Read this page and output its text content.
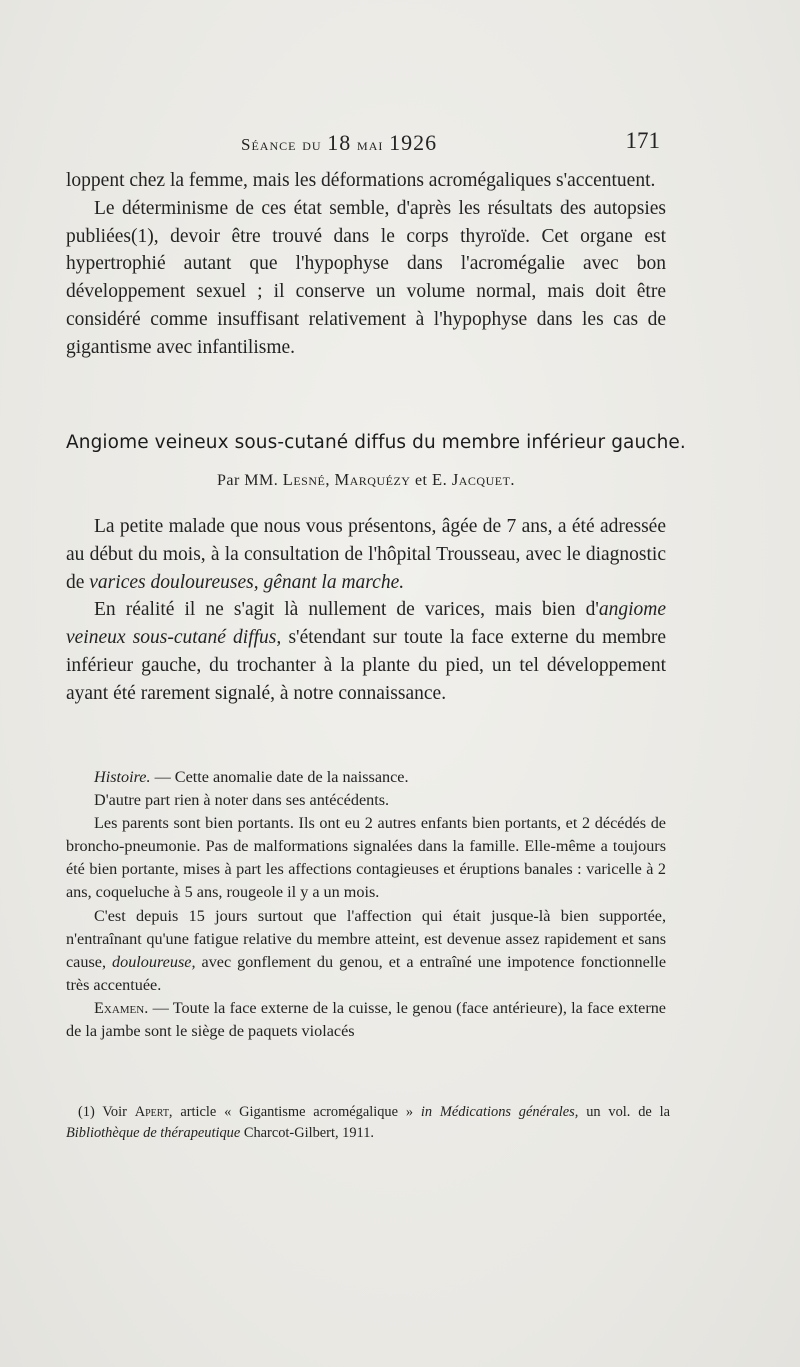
Séance du 18 mai 1926	171

loppent chez la femme, mais les déformations acromégaliques s'accentuent.

Le déterminisme de ces état semble, d'après les résultats des autopsies publiées(1), devoir être trouvé dans le corps thyroïde. Cet organe est hypertrophié autant que l'hypophyse dans l'acromégalie avec bon développement sexuel ; il conserve un volume normal, mais doit être considéré comme insuffisant relativement à l'hypophyse dans les cas de gigantisme avec infantilisme.

Angiome veineux sous-cutané diffus du membre inférieur gauche.

Par MM. Lesné, Marquézy et E. Jacquet.

La petite malade que nous vous présentons, âgée de 7 ans, a été adressée au début du mois, à la consultation de l'hôpital Trousseau, avec le diagnostic de varices douloureuses, gênant la marche.

En réalité il ne s'agit là nullement de varices, mais bien d'angiome veineux sous-cutané diffus, s'étendant sur toute la face externe du membre inférieur gauche, du trochanter à la plante du pied, un tel développement ayant été rarement signalé, à notre connaissance.

Histoire. — Cette anomalie date de la naissance.

D'autre part rien à noter dans ses antécédents.

Les parents sont bien portants. Ils ont eu 2 autres enfants bien portants, et 2 décédés de broncho-pneumonie. Pas de malformations signalées dans la famille. Elle-même a toujours été bien portante, mises à part les affections contagieuses et éruptions banales : varicelle à 2 ans, coqueluche à 5 ans, rougeole il y a un mois.

C'est depuis 15 jours surtout que l'affection qui était jusque-là bien supportée, n'entraînant qu'une fatigue relative du membre atteint, est devenue assez rapidement et sans cause, douloureuse, avec gonflement du genou, et a entraîné une impotence fonctionnelle très accentuée.

Examen. — Toute la face externe de la cuisse, le genou (face antérieure), la face externe de la jambe sont le siège de paquets violacés

(1) Voir Apert, article « Gigantisme acromégalique » in Médications générales, un vol. de la Bibliothèque de thérapeutique Charcot-Gilbert, 1911.
